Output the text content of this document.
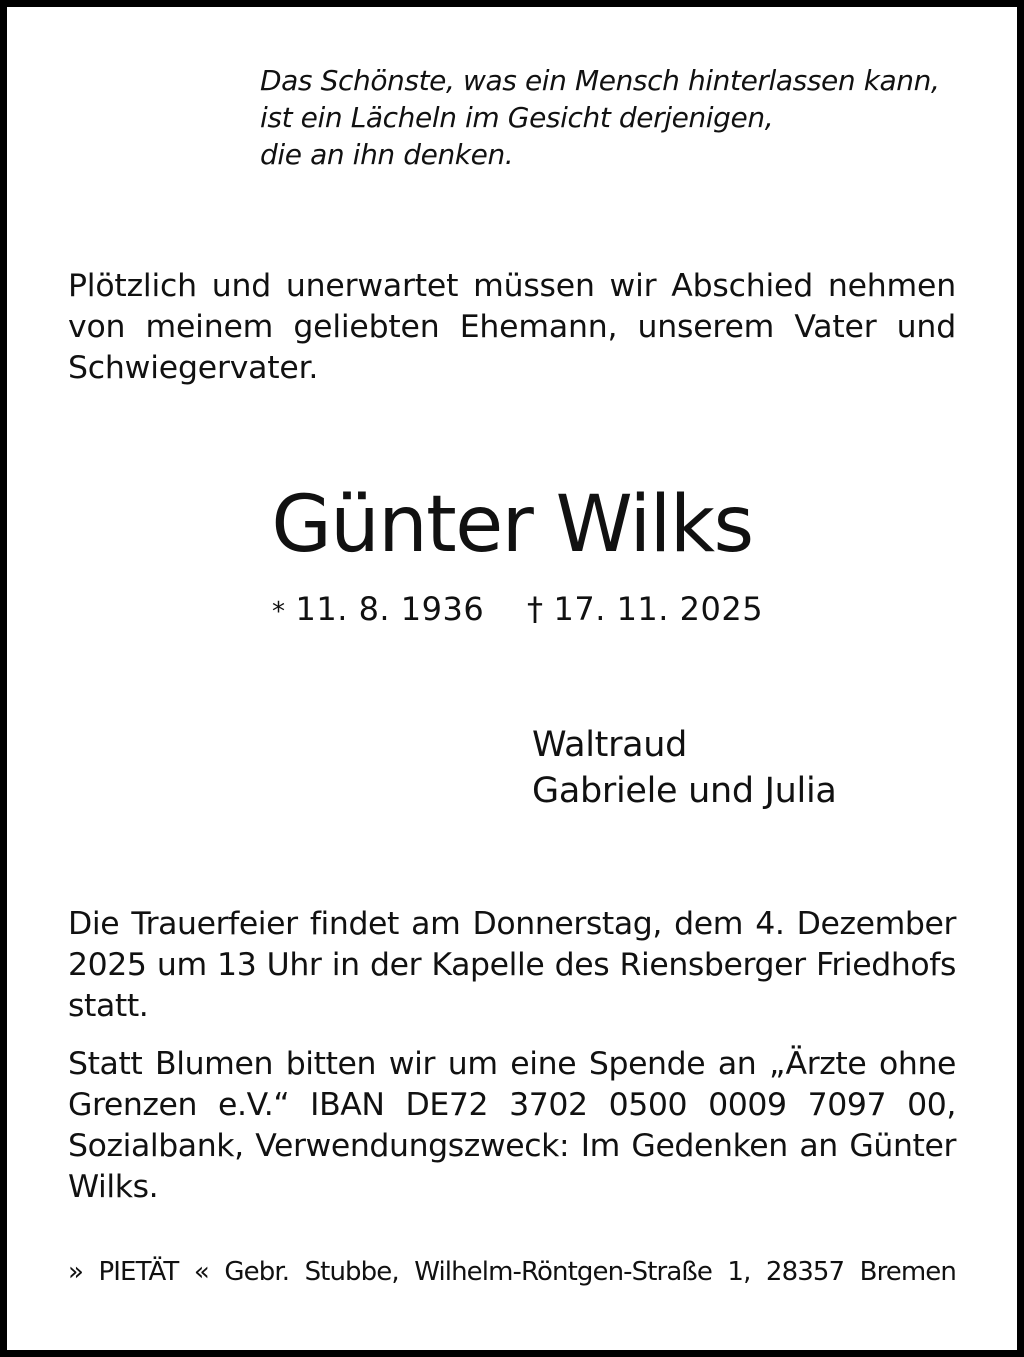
Das Schönste, was ein Mensch hinterlassen kann,
ist ein Lächeln im Gesicht derjenigen,
die an ihn denken.
Plötzlich und unerwartet müssen wir Abschied nehmen von meinem geliebten Ehemann, unserem Vater und Schwiegervater.
Günter Wilks
* 11. 8. 1936 † 17. 11. 2025
Waltraud
Gabriele und Julia
Die Trauerfeier findet am Donnerstag, dem 4. Dezember 2025 um 13 Uhr in der Kapelle des Riensberger Friedhofs statt.
Statt Blumen bitten wir um eine Spende an „Ärzte ohne Grenzen e.V.“ IBAN DE72 3702 0500 0009 7097 00, Sozialbank, Verwendungszweck: Im Gedenken an Günter Wilks.
» PIETÄT « Gebr. Stubbe, Wilhelm-Röntgen-Straße 1, 28357 Bremen
